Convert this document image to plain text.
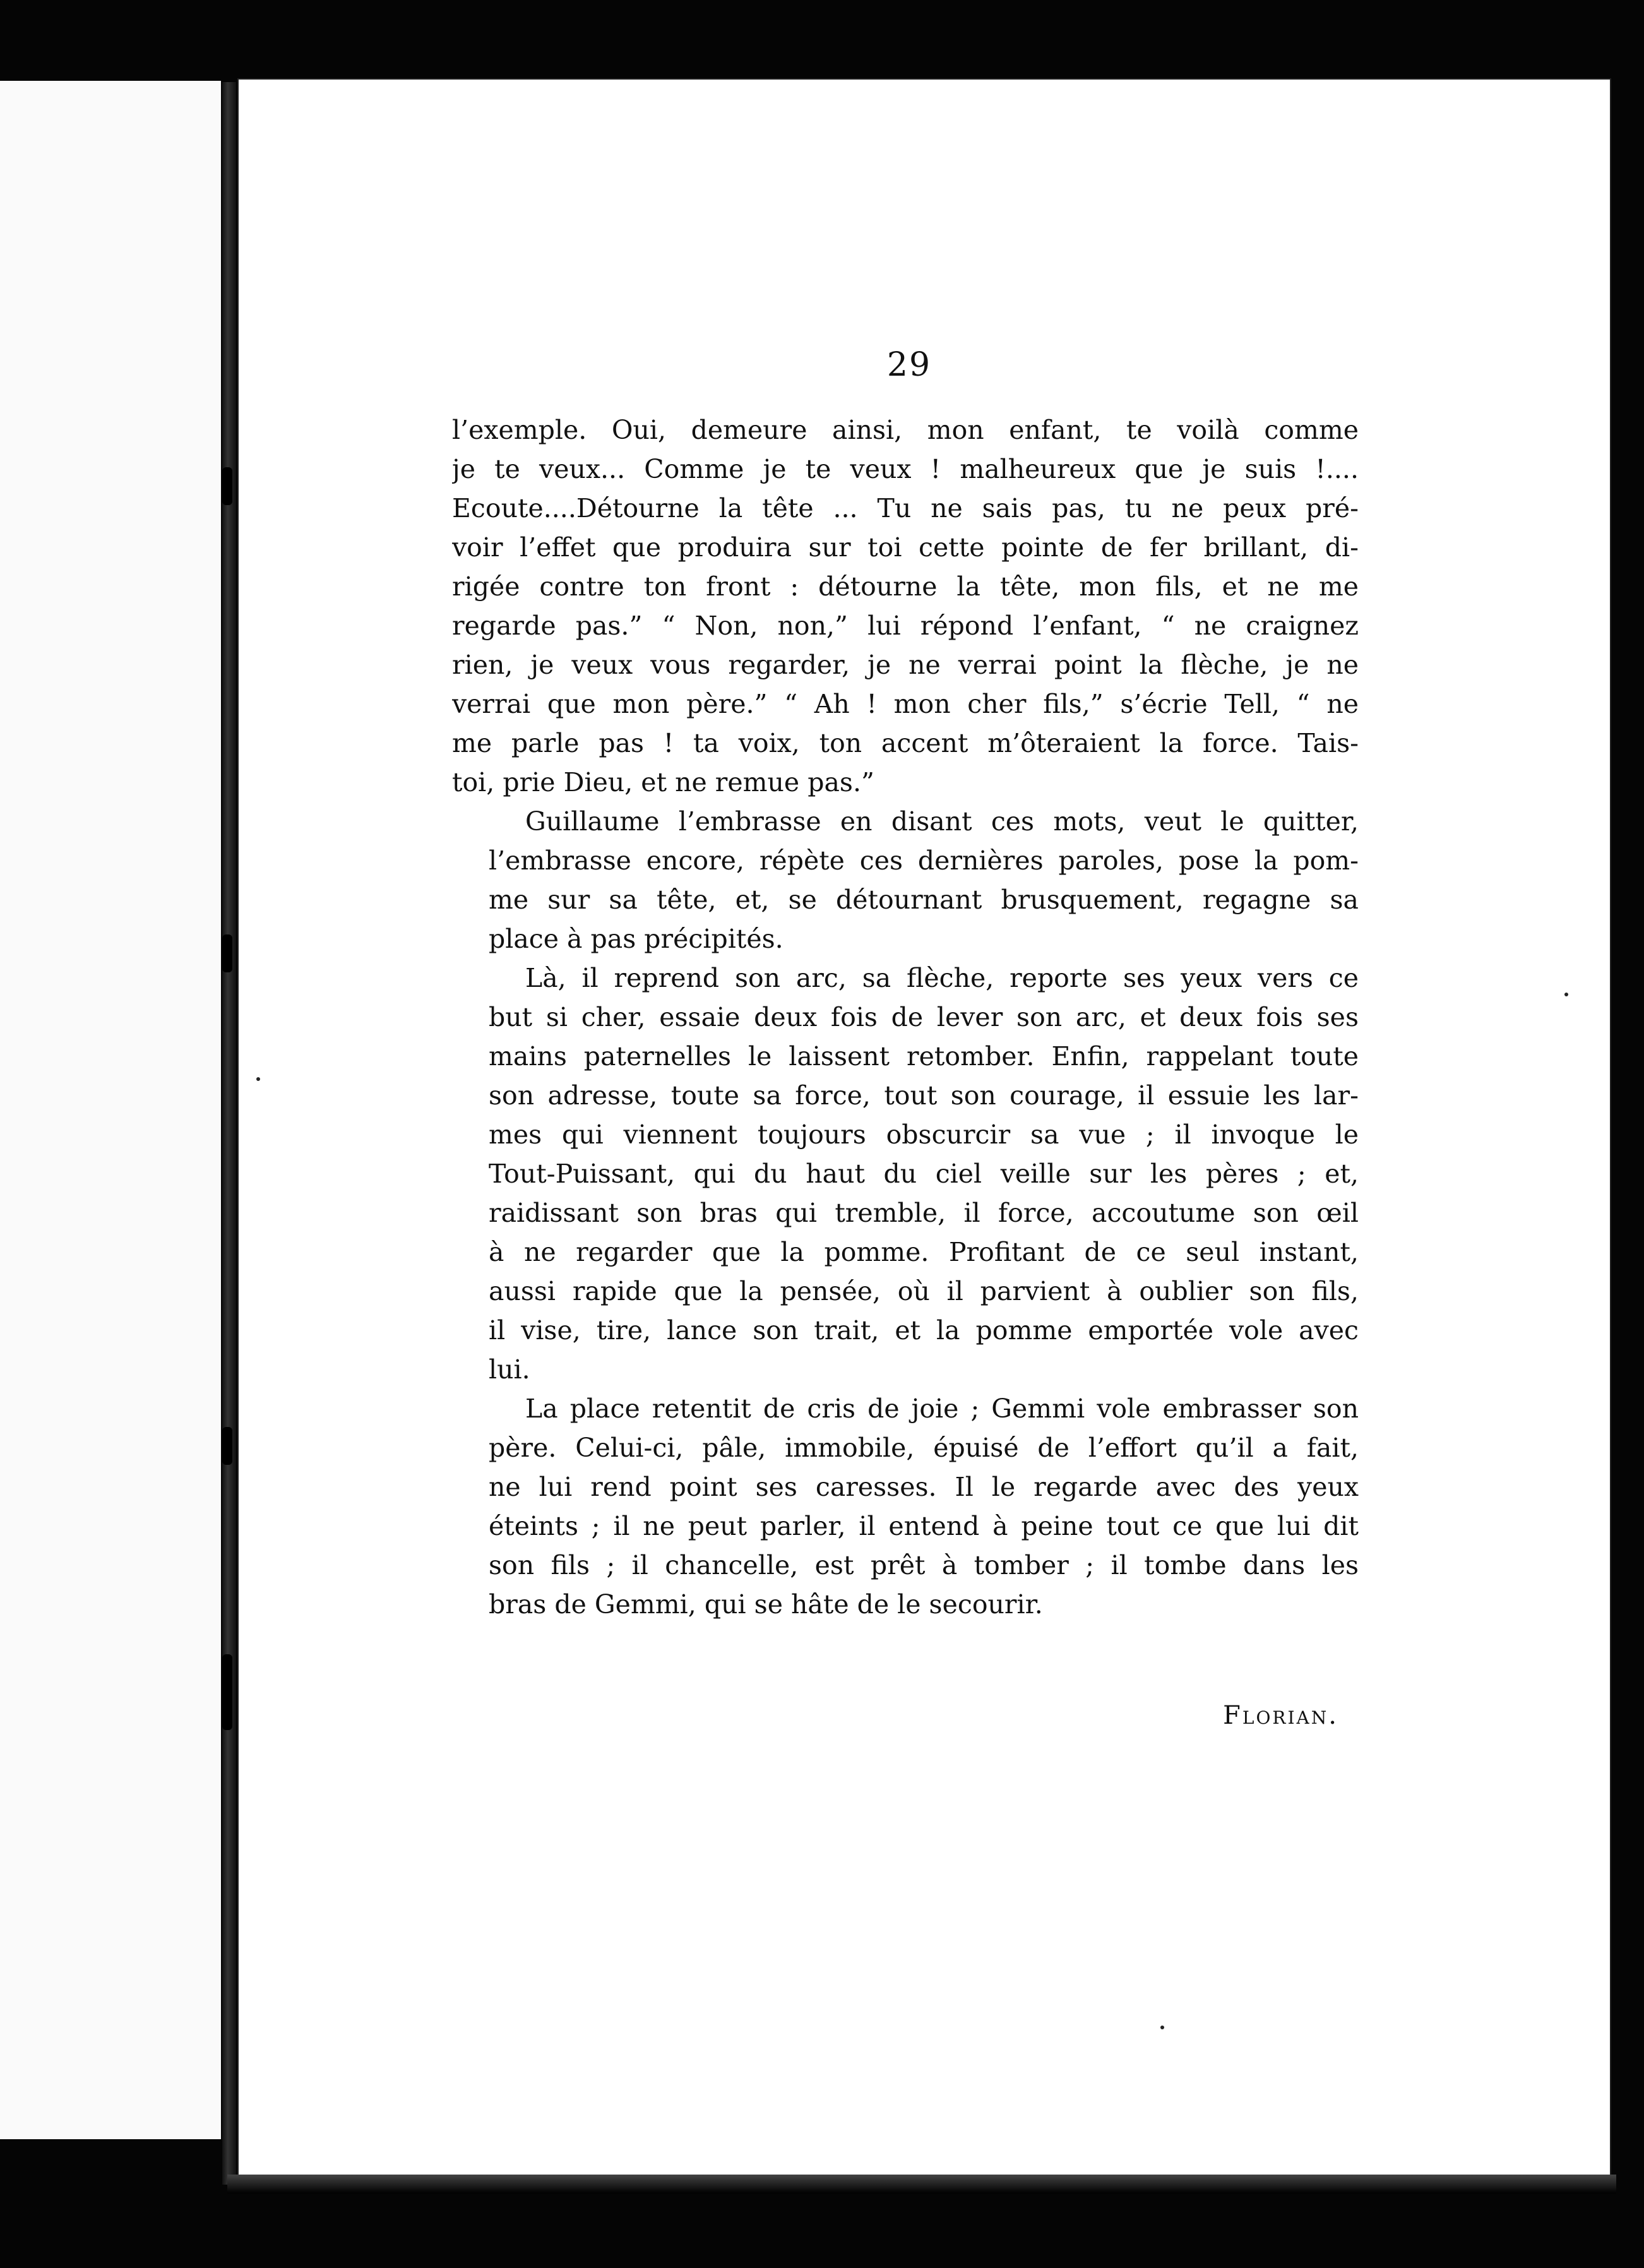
29
l’exemple. Oui, demeure ainsi, mon enfant, te voilà comme
je te veux... Comme je te veux ! malheureux que je suis !....
Ecoute....Détourne la tête ... Tu ne sais pas, tu ne peux pré-
voir l’effet que produira sur toi cette pointe de fer brillant, di-
rigée contre ton front : détourne la tête, mon fils, et ne me
regarde pas.” “ Non, non,” lui répond l’enfant, “ ne craignez
rien, je veux vous regarder, je ne verrai point la flèche, je ne
verrai que mon père.” “ Ah ! mon cher fils,” s’écrie Tell, “ ne
me parle pas ! ta voix, ton accent m’ôteraient la force. Tais-
toi, prie Dieu, et ne remue pas.”
Guillaume l’embrasse en disant ces mots, veut le quitter,
l’embrasse encore, répète ces dernières paroles, pose la pom-
me sur sa tête, et, se détournant brusquement, regagne sa
place à pas précipités.
Là, il reprend son arc, sa flèche, reporte ses yeux vers ce
but si cher, essaie deux fois de lever son arc, et deux fois ses
mains paternelles le laissent retomber. Enfin, rappelant toute
son adresse, toute sa force, tout son courage, il essuie les lar-
mes qui viennent toujours obscurcir sa vue ; il invoque le
Tout-Puissant, qui du haut du ciel veille sur les pères ; et,
raidissant son bras qui tremble, il force, accoutume son œil
à ne regarder que la pomme. Profitant de ce seul instant,
aussi rapide que la pensée, où il parvient à oublier son fils,
il vise, tire, lance son trait, et la pomme emportée vole avec
lui.
La place retentit de cris de joie ; Gemmi vole embrasser son
père. Celui-ci, pâle, immobile, épuisé de l’effort qu’il a fait,
ne lui rend point ses caresses. Il le regarde avec des yeux
éteints ; il ne peut parler, il entend à peine tout ce que lui dit
son fils ; il chancelle, est prêt à tomber ; il tombe dans les
bras de Gemmi, qui se hâte de le secourir.
Florian.
